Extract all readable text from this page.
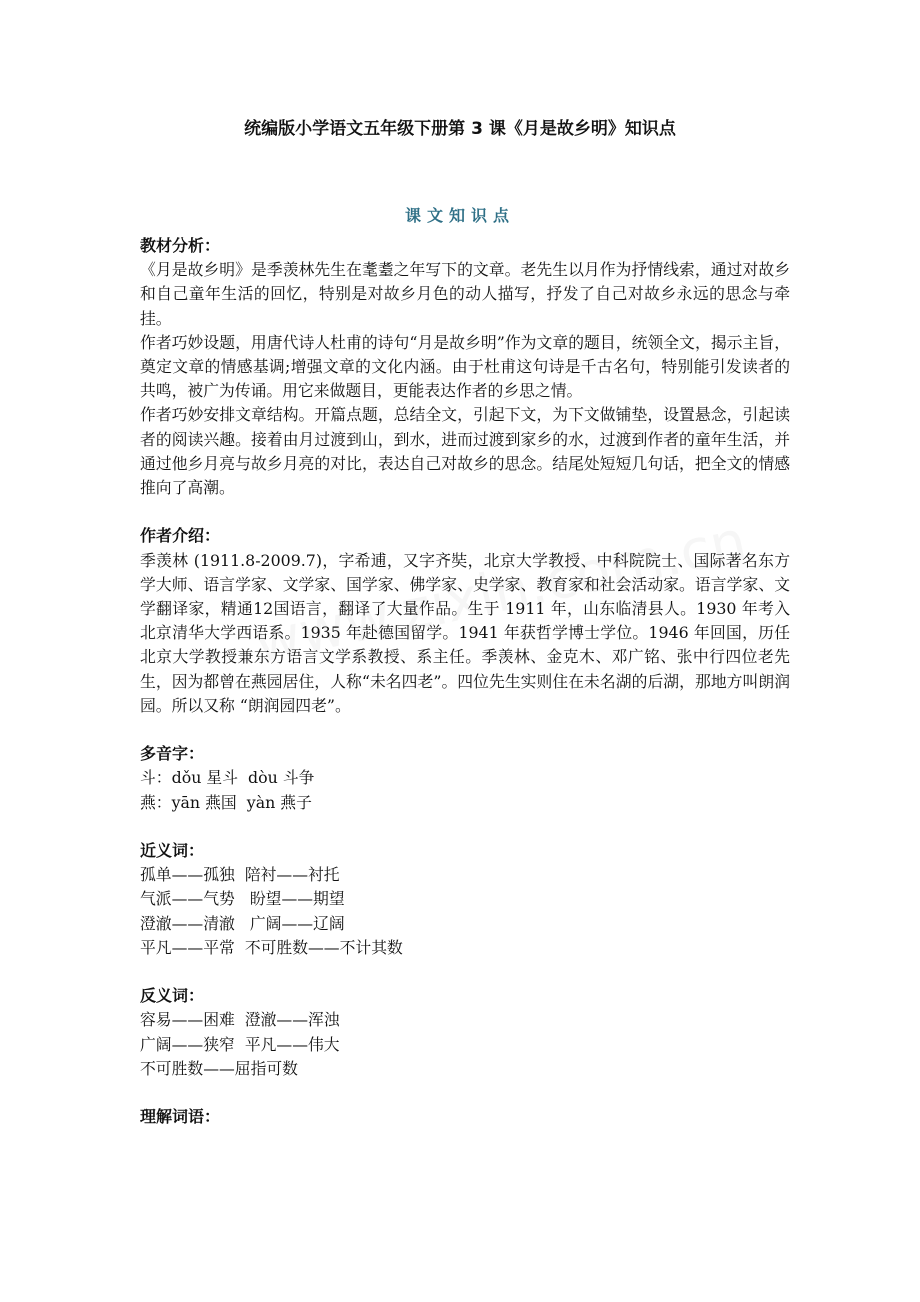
统编版小学语文五年级下册第 3 课《月是故乡明》知识点
课文知识点

教材分析：

《月是故乡明》是季羡林先生在耄耋之年写下的文章。老先生以月作为抒情线索，通过对故乡和自己童年生活的回忆，特别是对故乡月色的动人描写，抒发了自己对故乡永远的思念与牵挂。

作者巧妙设题，用唐代诗人杜甫的诗句“月是故乡明”作为文章的题目，统领全文，揭示主旨，奠定文章的情感基调;增强文章的文化内涵。由于杜甫这句诗是千古名句，特别能引发读者的共鸣，被广为传诵。用它来做题目，更能表达作者的乡思之情。

作者巧妙安排文章结构。开篇点题，总结全文，引起下文，为下文做铺垫，设置悬念，引起读者的阅读兴趣。接着由月过渡到山，到水，进而过渡到家乡的水，过渡到作者的童年生活，并通过他乡月亮与故乡月亮的对比，表达自己对故乡的思念。结尾处短短几句话，把全文的情感推向了高潮。

作者介绍：

季羡林 (1911.8-2009.7)，字希逋，又字齐奘，北京大学教授、中科院院士、国际著名东方学大师、语言学家、文学家、国学家、佛学家、史学家、教育家和社会活动家。语言学家、文学翻译家，精通12国语言，翻译了大量作品。生于 1911 年，山东临清县人。1930 年考入北京清华大学西语系。1935 年赴德国留学。1941 年获哲学博士学位。1946 年回国，历任北京大学教授兼东方语言文学系教授、系主任。季羡林、金克木、邓广铭、张中行四位老先生，因为都曾在燕园居住，人称“未名四老”。四位先生实则住在未名湖的后湖，那地方叫朗润园。所以又称 “朗润园四老”。

多音字：

斗：dǒu 星斗  dòu 斗争

燕：yān 燕国  yàn 燕子

近义词：

孤单——孤独  陪衬——衬托

气派——气势   盼望——期望

澄澈——清澈   广阔——辽阔

平凡——平常  不可胜数——不计其数

反义词：

容易——困难  澄澈——浑浊

广阔——狭窄  平凡——伟大

不可胜数——屈指可数

理解词语：
